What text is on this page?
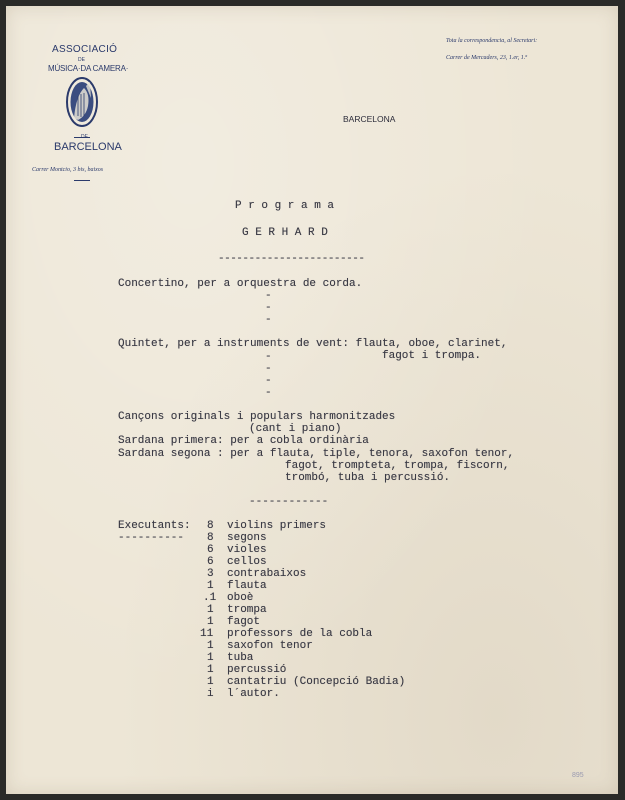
ASSOCIACIÓ
DE
MÚSICA·DA CAMERA·
DE
BARCELONA
Carrer Montcio, 3 bis, baixos
Tota la correspondencia, al Secretari:
Carrer de Mercaders, 23, 1.er, 1.ª
BARCELONA
P r o g r a m a
G E R H A R D
------------------------
Concertino, per a orquestra de corda.
-
-
-
Quintet, per a instruments de vent: flauta, oboe, clarinet,
fagot i trompa.
-
-
-
-
Cançons originals i populars harmonitzades
(cant i piano)
Sardana primera: per a cobla ordinària
Sardana segona : per a flauta, tiple, tenora, saxofon tenor,
fagot, trompteta, trompa, fiscorn,
trombó, tuba i percussió.
------------
Executants:
----------
8 violins primers
8 segons
6 violes
6 cellos
3 contrabaixos
1 flauta
.1 oboè
1 trompa
1 fagot
11 professors de la cobla
1 saxofon tenor
1 tuba
1 percussió
1 cantatriu (Concepció Badia)
i l´autor.
895
